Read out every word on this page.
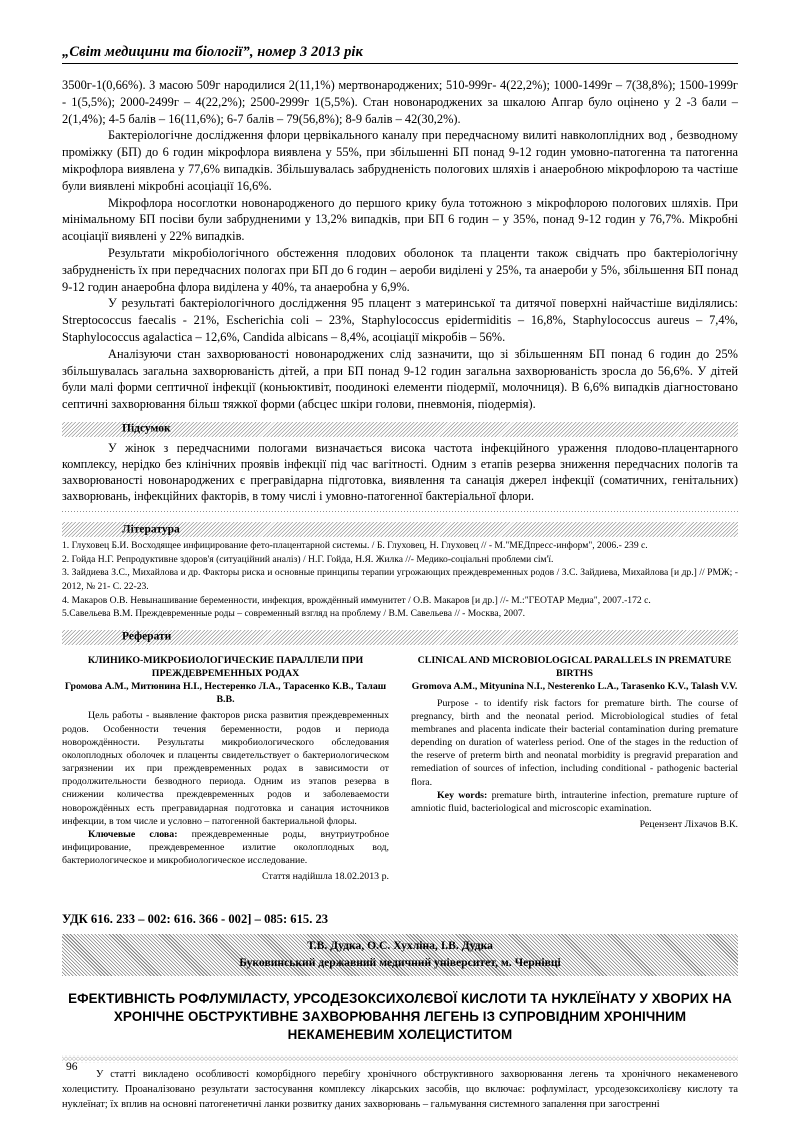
„Світ медицини та біології”, номер 3 2013 рік

3500г-1(0,66%). З масою 509г народилися 2(11,1%) мертвонароджених; 510-999г- 4(22,2%); 1000-1499г – 7(38,8%); 1500-1999г - 1(5,5%); 2000-2499г – 4(22,2%); 2500-2999г 1(5,5%). Стан новонароджених за шкалою Апгар було оцінено у 2 -3 бали – 2(1,4%); 4-5 балів – 16(11,6%); 6-7 балів – 79(56,8%); 8-9 балів – 42(30,2%).

Бактеріологічне дослідження флори цервікального каналу при передчасному вилиті навколоплідних вод , безводному проміжку (БП) до 6 годин мікрофлора виявлена у 55%, при збільшенні БП понад 9-12 годин умовно-патогенна та патогенна мікрофлора виявлена у 77,6% випадків. Збільшувалась забрудненість пологових шляхів і анаеробною мікрофлорою та частіше були виявлені мікробні асоціації 16,6%.

Мікрофлора носоглотки новонародженого до першого крику була тотожною з мікрофлорою пологових шляхів. При мінімальному БП посіви були забрудненими у 13,2% випадків, при БП 6 годин – у 35%, понад 9-12 годин у 76,7%. Мікробні асоціації виявлені у 22% випадків.

Результати мікробіологічного обстеження плодових оболонок та плаценти також свідчать про бактеріологічну забрудненість їх при передчасних пологах при БП до 6 годин – аероби виділені у 25%, та анаероби у 5%, збільшення БП понад 9-12 годин анаеробна флора виділена у 40%, та анаеробна у 6,9%.

У результаті бактеріологічного дослідження 95 плацент з материнської та дитячої поверхні найчастіше виділялись: Streptococcus faecalis - 21%, Escherichia coli – 23%, Staphylococcus epidermiditis – 16,8%, Staphylococcus aureus – 7,4%, Staphylococcus agalactica – 12,6%, Candida albicans – 8,4%, асоціації мікробів – 56%.

Аналізуючи стан захворюваності новонароджених слід зазначити, що зі збільшенням БП понад 6 годин до 25% збільшувалась загальна захворюваність дітей, а при БП понад 9-12 годин загальна захворюваність зросла до 56,6%. У дітей були малі форми септичної інфекції (коньюктивіт, поодинокі елементи піодермії, молочниця). В 6,6% випадків діагностовано септичні захворювання більш тяжкої форми (абсцес шкіри голови, пневмонія, піодермія).

Підсумок

У жінок з передчасними пологами визначається висока частота інфекційного ураження плодово-плацентарного комплексу, нерідко без клінічних проявів інфекції під час вагітності. Одним з етапів резерва зниження передчасних пологів та захворюваності новонароджених є прегравідарна підготовка, виявлення та санація джерел інфекції (соматичних, генітальних) захворювань, інфекційних факторів, в тому числі і умовно-патогенної бактеріальної флори.

Література

1. Глуховец Б.И. Восходящее инфицирование фето-плацентарной системы. / Б. Глуховец, Н. Глуховец // - М."МЕДпресс-информ", 2006.- 239 с.

2. Гойда Н.Г. Репродуктивне здоров'я (ситуаційний аналіз) / Н.Г. Гойда, Н.Я. Жилка //- Медико-соціальні проблеми сім'ї.

3. Зайдиева З.С., Михайлова и др. Факторы риска и основные принципы терапии угрожающих преждевременных родов / З.С. Зайдиева, Михайлова [и др.] // РМЖ; - 2012, № 21- С. 22-23.

4. Макаров О.В. Невынашивание беременности, инфекция, врождённый иммунитет / О.В. Макаров [и др.] //- М.:"ГЕОТАР Медиа", 2007.-172 с.

5.Савельева В.М. Преждевременные роды – современный взгляд на проблему / В.М. Савельева // - Москва, 2007.

Реферати

КЛИНИКО-МИКРОБИОЛОГИЧЕСКИЕ ПАРАЛЛЕЛИ ПРИ ПРЕЖДЕВРЕМЕННЫХ РОДАХ

Громова А.М., Митюнина Н.І., Нестеренко Л.А., Тарасенко К.В., Талаш В.В.

Цель работы - выявление факторов риска развития преждевременных родов. Особенности течения беременности, родов и периода новорождённости. Результаты микробиологического обследования околоплодных оболочек и плаценты свидетельствует о бактериологическом загрязнении их при преждевременных родах в зависимости от продолжительности безводного периода. Одним из этапов резерва в снижении количества преждевременных родов и заболеваемости новорождённых есть прегравидарная подготовка и санация источников инфекции, в том числе и условно – патогенной бактериальной флоры.

Ключевые слова: преждевременные роды, внутриутробное инфицирование, преждевременное излитие околоплодных вод, бактериологическое и микробиологическое исследование.

Стаття надійшла 18.02.2013 р.

CLINICAL AND MICROBIOLOGICAL PARALLELS IN PREMATURE BIRTHS

Gromova A.M., Mityunina N.I., Nesterenko L.A., Tarasenko K.V., Talash V.V.

Purpose - to identify risk factors for premature birth. The course of pregnancy, birth and the neonatal period. Microbiological studies of fetal membranes and placenta indicate their bacterial contamination during premature depending on duration of waterless period. One of the stages in the reduction of the reserve of preterm birth and neonatal morbidity is pregravid preparation and remediation of sources of infection, including conditional - pathogenic bacterial flora.

Key words: premature birth, intrauterine infection, premature rupture of amniotic fluid, bacteriological and microscopic examination.

Рецензент Ліхачов В.К.
УДК 616. 233 – 002: 616. 366 - 002] – 085: 615. 23
Т.В. Дудка, О.С. Хухліна, І.В. Дудка
Буковинський державний медичний університет, м. Чернівці
ЕФЕКТИВНІСТЬ РОФЛУМІЛАСТУ, УРСОДЕЗОКСИХОЛЄВОЇ КИСЛОТИ ТА НУКЛЕЇНАТУ У ХВОРИХ НА ХРОНІЧНЕ ОБСТРУКТИВНЕ ЗАХВОРЮВАННЯ ЛЕГЕНЬ ІЗ СУПРОВІДНИМ ХРОНІЧНИМ НЕКАМЕНЕВИМ ХОЛЕЦИСТИТОМ

У статті викладено особливості коморбідного перебігу хронічного обструктивного захворювання легень та хронічного некаменевого холециститу. Проаналізовано результати застосування комплексу лікарських засобів, що включає: рофлуміласт, урсодезоксихолієву кислоту та нуклеїнат; їх вплив на основні патогенетичні ланки розвитку даних захворювань – гальмування системного запалення при загостренні

96
